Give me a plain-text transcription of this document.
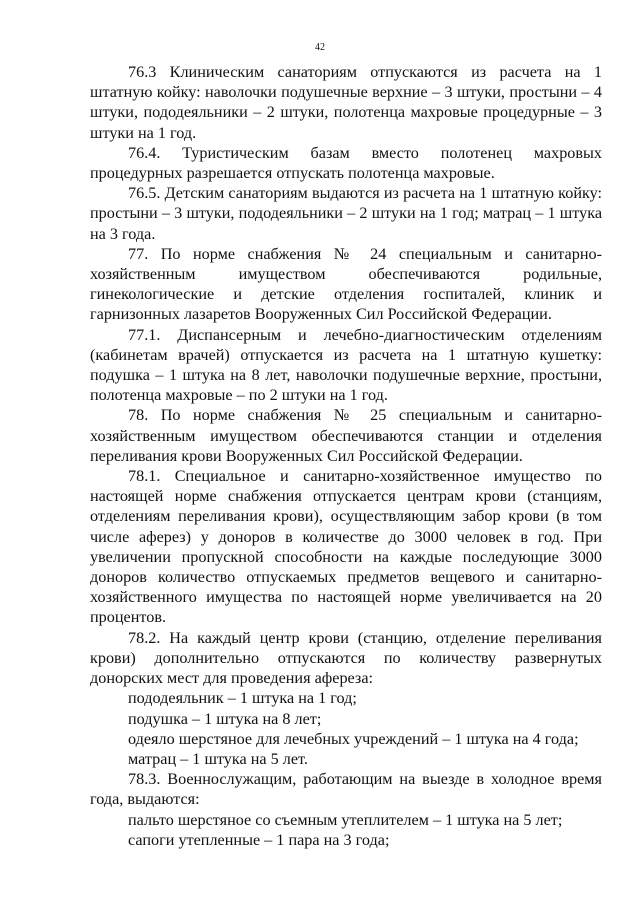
42

76.3 Клиническим санаториям отпускаются из расчета на 1 штатную койку: наволочки подушечные верхние – 3 штуки, простыни – 4 штуки, пододеяльники – 2 штуки, полотенца махровые процедурные – 3 штуки на 1 год.

76.4. Туристическим базам вместо полотенец махровых процедурных разрешается отпускать полотенца махровые.

76.5. Детским санаториям выдаются из расчета на 1 штатную койку: простыни – 3 штуки, пододеяльники – 2 штуки на 1 год; матрац – 1 штука на 3 года.

77. По норме снабжения № 24 специальным и санитарно-хозяйственным имуществом обеспечиваются родильные, гинекологические и детские отделения госпиталей, клиник и гарнизонных лазаретов Вооруженных Сил Российской Федерации.

77.1. Диспансерным и лечебно-диагностическим отделениям (кабинетам врачей) отпускается из расчета на 1 штатную кушетку: подушка – 1 штука на 8 лет, наволочки подушечные верхние, простыни, полотенца махровые – по 2 штуки на 1 год.

78. По норме снабжения № 25 специальным и санитарно-хозяйственным имуществом обеспечиваются станции и отделения переливания крови Вооруженных Сил Российской Федерации.

78.1. Специальное и санитарно-хозяйственное имущество по настоящей норме снабжения отпускается центрам крови (станциям, отделениям переливания крови), осуществляющим забор крови (в том числе аферез) у доноров в количестве до 3000 человек в год. При увеличении пропускной способности на каждые последующие 3000 доноров количество отпускаемых предметов вещевого и санитарно-хозяйственного имущества по настоящей норме увеличивается на 20 процентов.

78.2. На каждый центр крови (станцию, отделение переливания крови) дополнительно отпускаются по количеству развернутых донорских мест для проведения афереза:

пододеяльник – 1 штука на 1 год;

подушка – 1 штука на 8 лет;

одеяло шерстяное для лечебных учреждений – 1 штука на 4 года;

матрац – 1 штука на 5 лет.

78.3. Военнослужащим, работающим на выезде в холодное время года, выдаются:

пальто шерстяное со съемным утеплителем – 1 штука на 5 лет;

сапоги утепленные – 1 пара на 3 года;
